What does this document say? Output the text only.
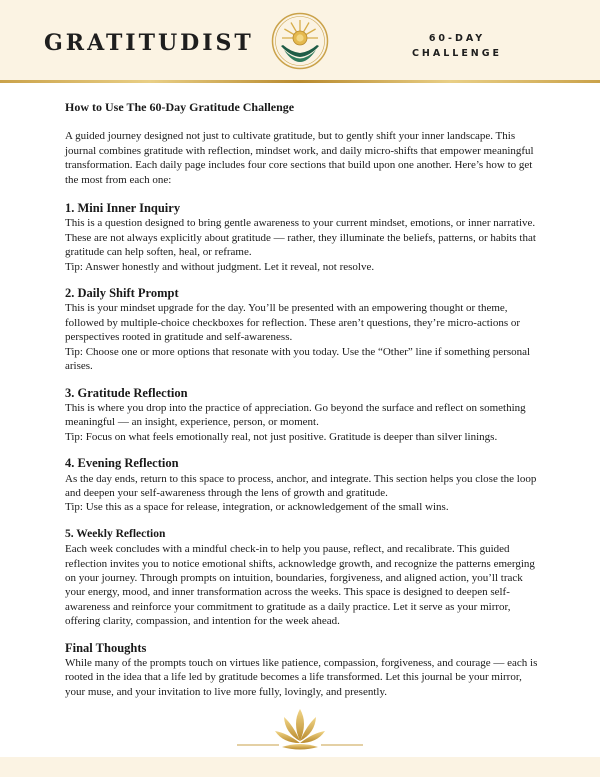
GRATITUDIST	60-DAY
CHALLENGE
How to Use The 60-Day Gratitude Challenge

A guided journey designed not just to cultivate gratitude, but to gently shift your inner landscape. This journal combines gratitude with reflection, mindset work, and daily micro-shifts that empower meaningful transformation. Each daily page includes four core sections that build upon one another. Here’s how to get the most from each one:

1. Mini Inner Inquiry

This is a question designed to bring gentle awareness to your current mindset, emotions, or inner narrative. These are not always explicitly about gratitude — rather, they illuminate the beliefs, patterns, or habits that gratitude can help soften, heal, or reframe.

Tip: Answer honestly and without judgment. Let it reveal, not resolve.

2. Daily Shift Prompt

This is your mindset upgrade for the day. You’ll be presented with an empowering thought or theme, followed by multiple-choice checkboxes for reflection. These aren’t questions, they’re micro-actions or perspectives rooted in gratitude and self-awareness.

Tip: Choose one or more options that resonate with you today. Use the “Other” line if something personal arises.

3. Gratitude Reflection

This is where you drop into the practice of appreciation. Go beyond the surface and reflect on something meaningful — an insight, experience, person, or moment.

Tip: Focus on what feels emotionally real, not just positive. Gratitude is deeper than silver linings.

4. Evening Reflection

As the day ends, return to this space to process, anchor, and integrate. This section helps you close the loop and deepen your self-awareness through the lens of growth and gratitude.

Tip: Use this as a space for release, integration, or acknowledgement of the small wins.

5. Weekly Reflection

Each week concludes with a mindful check-in to help you pause, reflect, and recalibrate. This guided reflection invites you to notice emotional shifts, acknowledge growth, and recognize the patterns emerging on your journey. Through prompts on intuition, boundaries, forgiveness, and aligned action, you’ll track your energy, mood, and inner transformation across the weeks. This space is designed to deepen self-awareness and reinforce your commitment to gratitude as a daily practice. Let it serve as your mirror, offering clarity, compassion, and intention for the week ahead.

Final Thoughts

While many of the prompts touch on virtues like patience, compassion, forgiveness, and courage — each is rooted in the idea that a life led by gratitude becomes a life transformed. Let this journal be your mirror, your muse, and your invitation to live more fully, lovingly, and presently.
